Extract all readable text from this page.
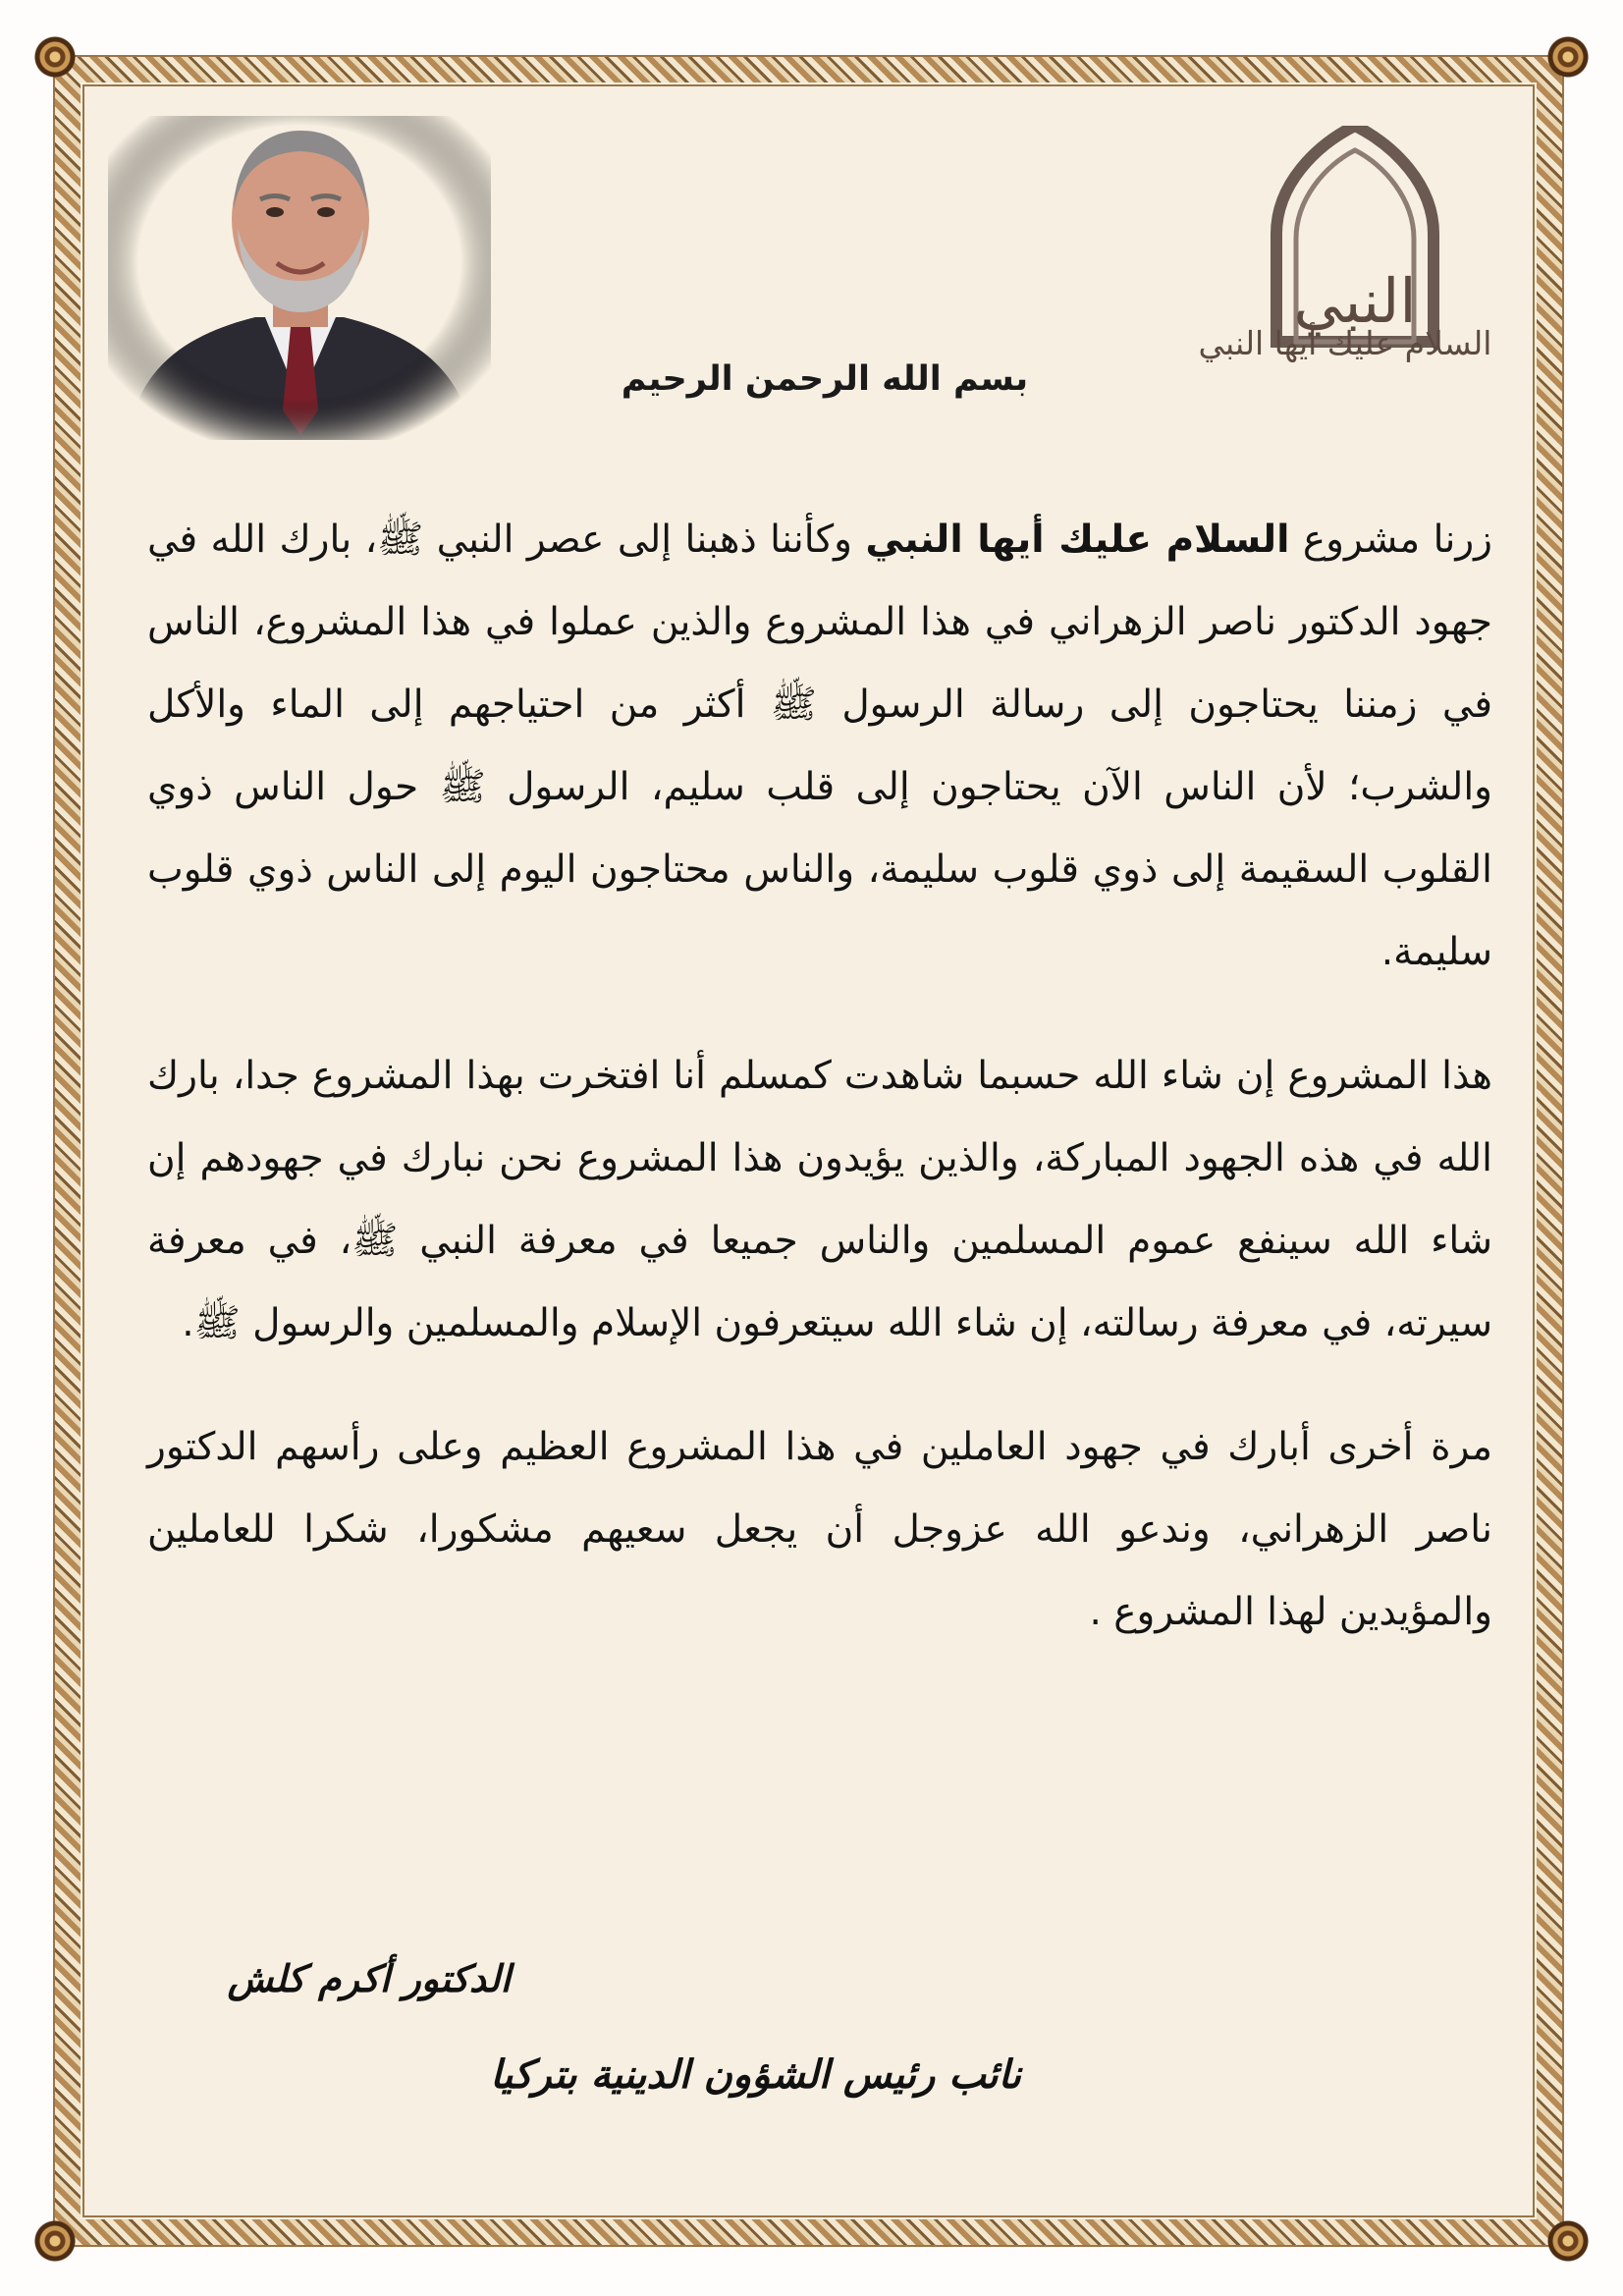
النبي
السلام عليك أيها النبي
بسم الله الرحمن الرحيم

زرنا مشروع السلام عليك أيها النبي وكأننا ذهبنا إلى عصر النبي ﷺ، بارك الله في جهود الدكتور ناصر الزهراني في هذا المشروع والذين عملوا في هذا المشروع، الناس في زمننا يحتاجون إلى رسالة الرسول ﷺ أكثر من احتياجهم إلى الماء والأكل والشرب؛ لأن الناس الآن يحتاجون إلى قلب سليم، الرسول ﷺ حول الناس ذوي القلوب السقيمة إلى ذوي قلوب سليمة، والناس محتاجون اليوم إلى الناس ذوي قلوب سليمة.

هذا المشروع إن شاء الله حسبما شاهدت كمسلم أنا افتخرت بهذا المشروع جدا، بارك الله في هذه الجهود المباركة، والذين يؤيدون هذا المشروع نحن نبارك في جهودهم إن شاء الله سينفع عموم المسلمين والناس جميعا في معرفة النبي ﷺ، في معرفة سيرته، في معرفة رسالته، إن شاء الله سيتعرفون الإسلام والمسلمين والرسول ﷺ.

مرة أخرى أبارك في جهود العاملين في هذا المشروع العظيم وعلى رأسهم الدكتور ناصر الزهراني، وندعو الله عزوجل أن يجعل سعيهم مشكورا، شكرا للعاملين والمؤيدين لهذا المشروع .

الدكتور أكرم كلش
نائب رئيس الشؤون الدينية بتركيا
